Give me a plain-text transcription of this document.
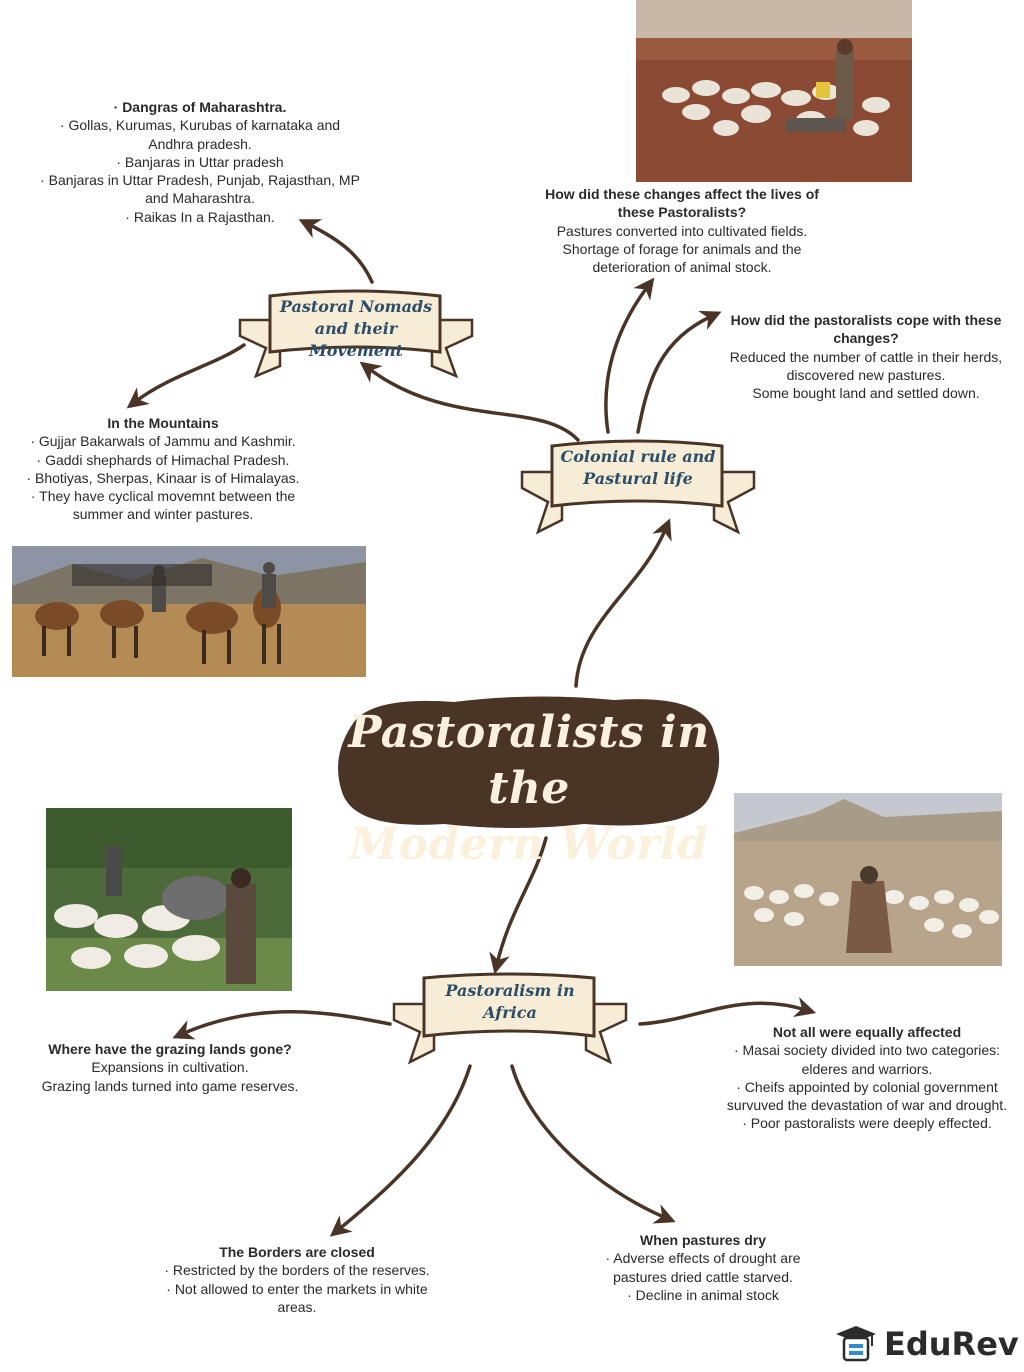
Pastoral Nomads and their Movement
Colonial rule and Pastural life
Pastoralism in Africa
Pastoralists in the
Modern World
· Dangras of Maharashtra.
· Gollas, Kurumas, Kurubas of karnataka and
Andhra pradesh.
· Banjaras in Uttar pradesh
· Banjaras in Uttar Pradesh, Punjab, Rajasthan, MP
and Maharashtra.
· Raikas In a Rajasthan.
In the Mountains
· Gujjar Bakarwals of Jammu and Kashmir.
· Gaddi shephards of Himachal Pradesh.
· Bhotiyas, Sherpas, Kinaar is of Himalayas.
· They have cyclical movemnt between the
summer and winter pastures.
How did these changes affect the lives of
these Pastoralists?
Pastures converted into cultivated fields.
Shortage of forage for animals and the
deterioration of animal stock.
How did the pastoralists cope with these
changes?
Reduced the number of cattle in their herds,
discovered new pastures.
Some bought land and settled down.
Where have the grazing lands gone?
Expansions in cultivation.
Grazing lands turned into game reserves.
Not all were equally affected
· Masai society divided into two categories:
elderes and warriors.
· Cheifs appointed by colonial government
survuved the devastation of war and drought.
· Poor pastoralists were deeply effected.
The Borders are closed
· Restricted by the borders of the reserves.
· Not allowed to enter the markets in white
areas.
When pastures dry
· Adverse effects of drought are
pastures dried cattle starved.
· Decline in animal stock
EduRev
